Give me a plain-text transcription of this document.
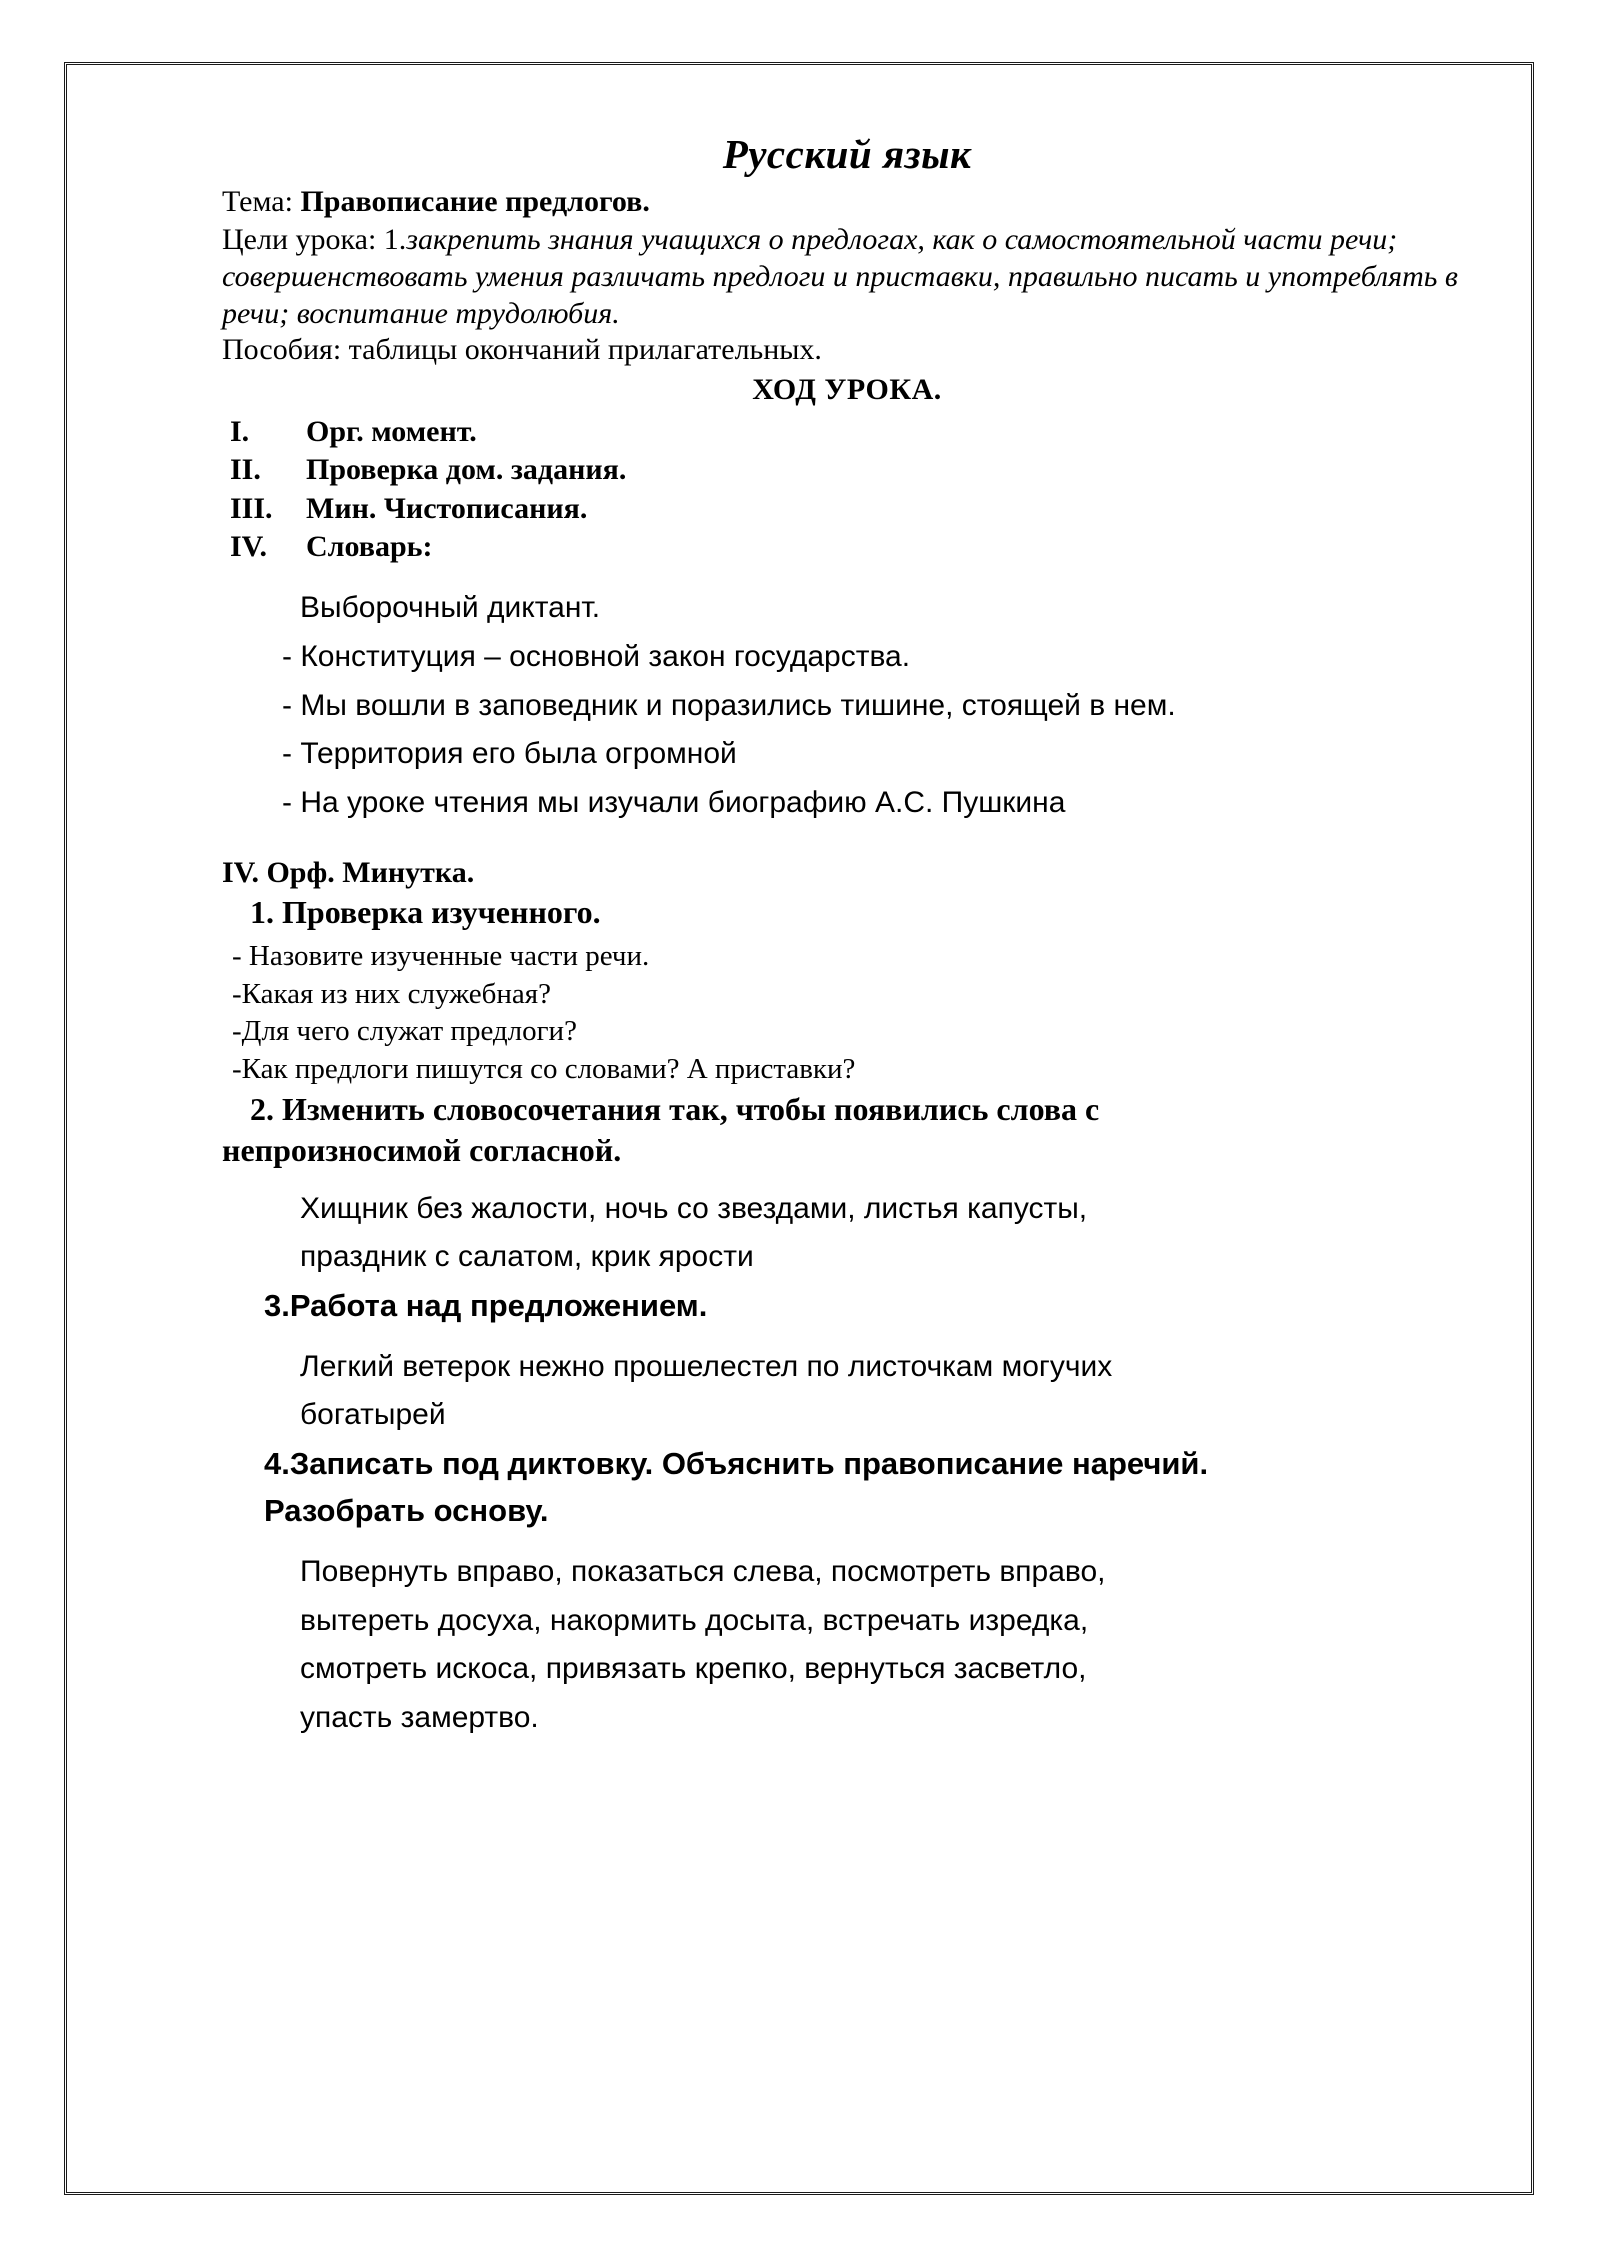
Русский язык

Тема: Правописание предлогов.

Цели урока: 1.закрепить знания учащихся о предлогах, как о самостоятельной части речи; совершенствовать умения различать предлоги и приставки, правильно писать и употреблять в речи; воспитание трудолюбия.

Пособия: таблицы окончаний прилагательных.

ХОД УРОКА.

I.	Орг. момент.
II.	Проверка дом. задания.
III.	Мин. Чистописания.
IV.	Словарь:

Выборочный диктант.

- Конституция – основной закон государства.

- Мы вошли в заповедник и поразились тишине, стоящей в нем.

- Территория его была огромной

- На уроке чтения мы изучали биографию А.С. Пушкина

IV. Орф. Минутка.

1. Проверка изученного.

- Назовите изученные части речи.

-Какая из них служебная?

-Для чего служат предлоги?

-Как предлоги пишутся со словами? А приставки?

2. Изменить словосочетания так, чтобы появились слова с
непроизносимой согласной.

Хищник без жалости, ночь со звездами, листья капусты,

праздник с салатом, крик ярости

3.Работа над предложением.

Легкий ветерок нежно прошелестел по листочкам могучих

богатырей

4.Записать под диктовку. Объяснить правописание наречий.

Разобрать основу.

Повернуть вправо, показаться слева, посмотреть вправо,

вытереть досуха, накормить досыта, встречать изредка,

смотреть искоса, привязать крепко, вернуться засветло,

упасть замертво.
